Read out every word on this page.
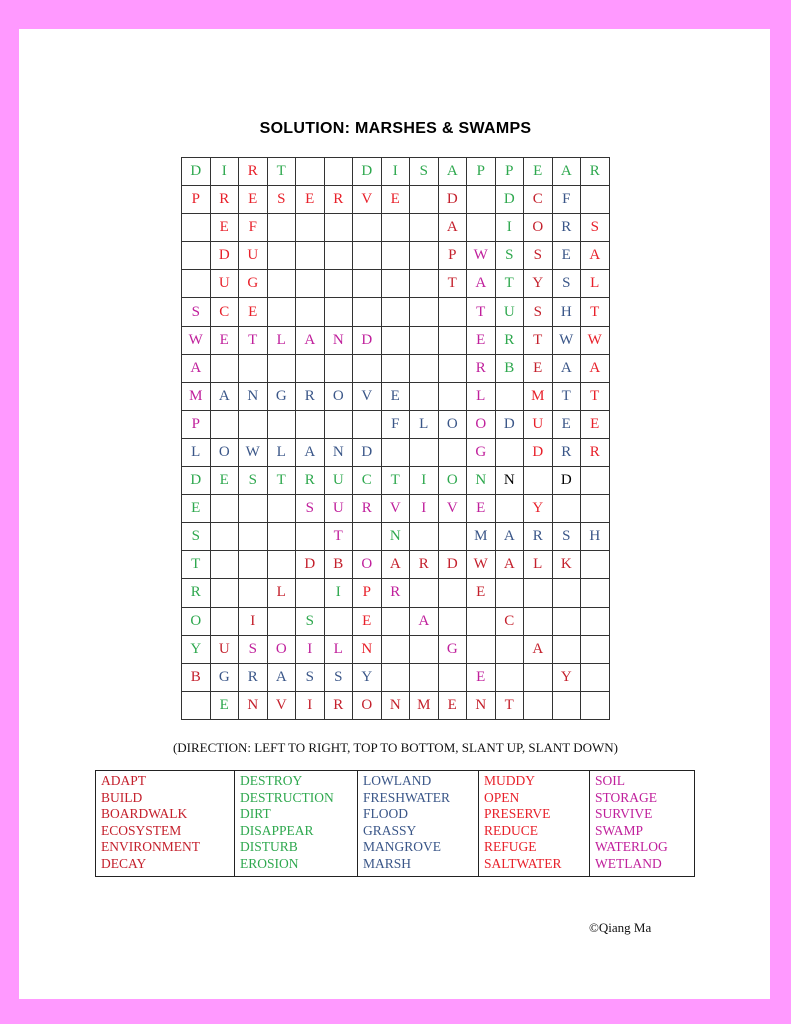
SOLUTION: MARSHES & SWAMPS
D	I	R	T			D	I	S	A	P	P	E	A	R
P	R	E	S	E	R	V	E		D		D	C	F	
	E	F							A		I	O	R	S
	D	U							P	W	S	S	E	A
	U	G							T	A	T	Y	S	L
S	C	E								T	U	S	H	T
W	E	T	L	A	N	D				E	R	T	W	W
A										R	B	E	A	A
M	A	N	G	R	O	V	E			L		M	T	T
P							F	L	O	O	D	U	E	E
L	O	W	L	A	N	D				G		D	R	R
D	E	S	T	R	U	C	T	I	O	N	N		D	
E				S	U	R	V	I	V	E		Y		
S					T		N			M	A	R	S	H
T				D	B	O	A	R	D	W	A	L	K	
R			L		I	P	R			E				
O		I		S		E		A			C			
Y	U	S	O	I	L	N			G			A		
B	G	R	A	S	S	Y				E			Y	
	E	N	V	I	R	O	N	M	E	N	T			
(DIRECTION: LEFT TO RIGHT, TOP TO BOTTOM, SLANT UP, SLANT DOWN)
ADAPT
BUILD
BOARDWALK
ECOSYSTEM
ENVIRONMENT
DECAY

DESTROY
DESTRUCTION
DIRT
DISAPPEAR
DISTURB
EROSION

LOWLAND
FRESHWATER
FLOOD
GRASSY
MANGROVE
MARSH

MUDDY
OPEN
PRESERVE
REDUCE
REFUGE
SALTWATER

SOIL
STORAGE
SURVIVE
SWAMP
WATERLOG
WETLAND
©Qiang Ma
